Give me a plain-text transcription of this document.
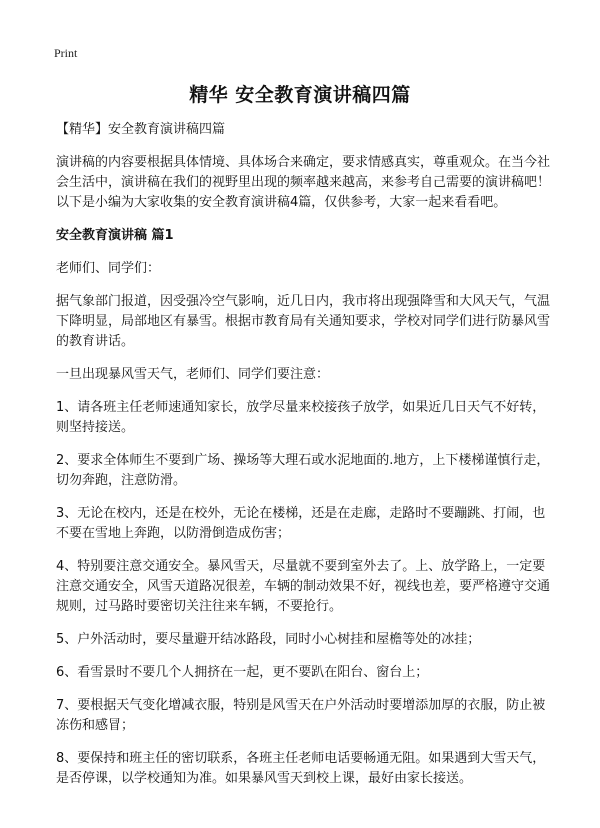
Print
精华 安全教育演讲稿四篇

【精华】安全教育演讲稿四篇

演讲稿的内容要根据具体情境、具体场合来确定，要求情感真实，尊重观众。在当今社会生活中，演讲稿在我们的视野里出现的频率越来越高，来参考自己需要的演讲稿吧！以下是小编为大家收集的安全教育演讲稿4篇，仅供参考，大家一起来看看吧。

安全教育演讲稿 篇1

老师们、同学们：

据气象部门报道，因受强冷空气影响，近几日内，我市将出现强降雪和大风天气，气温下降明显，局部地区有暴雪。根据市教育局有关通知要求，学校对同学们进行防暴风雪的教育讲话。

一旦出现暴风雪天气，老师们、同学们要注意：

1、请各班主任老师速通知家长，放学尽量来校接孩子放学，如果近几日天气不好转，则坚持接送。

2、要求全体师生不要到广场、操场等大理石或水泥地面的.地方，上下楼梯谨慎行走，切勿奔跑，注意防滑。

3、无论在校内，还是在校外，无论在楼梯，还是在走廊，走路时不要蹦跳、打闹，也不要在雪地上奔跑，以防滑倒造成伤害；

4、特别要注意交通安全。暴风雪天，尽量就不要到室外去了。上、放学路上，一定要注意交通安全，风雪天道路况很差，车辆的制动效果不好，视线也差，要严格遵守交通规则，过马路时要密切关注往来车辆，不要抢行。

5、户外活动时，要尽量避开结冰路段，同时小心树挂和屋檐等处的冰挂；

6、看雪景时不要几个人拥挤在一起，更不要趴在阳台、窗台上；

7、要根据天气变化增减衣服，特别是风雪天在户外活动时要增添加厚的衣服，防止被冻伤和感冒；

8、要保持和班主任的密切联系，各班主任老师电话要畅通无阻。如果遇到大雪天气，是否停课，以学校通知为准。如果暴风雪天到校上课，最好由家长接送。
